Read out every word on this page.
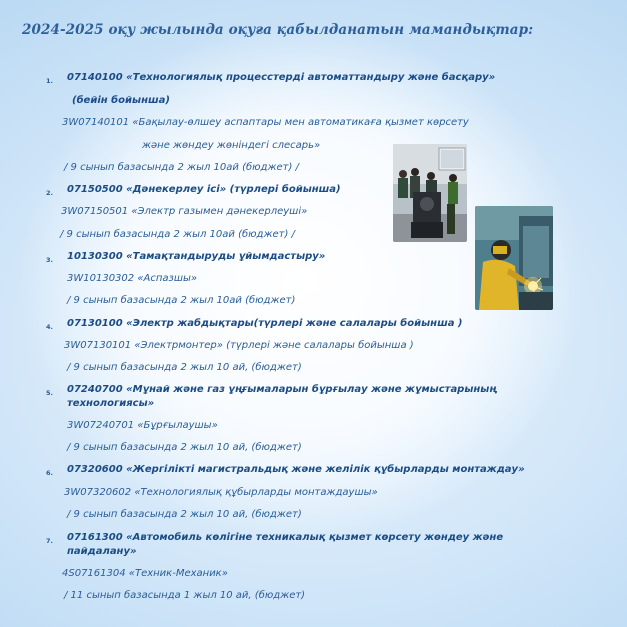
2024-2025 оқу жылында оқуға қабылданатын мамандықтар:
1. 07140100 «Технологиялық процесстерді автоматтандыру және басқару»
(бейін бойынша)
3W07140101 «Бақылау-өлшеу аспаптары мен автоматикаға қызмет көрсету
және жөндеу жөніндегі слесарь»
/ 9 сынып базасында 2 жыл 10ай (бюджет) /
2. 07150500 «Дәнекерлеу ісі» (түрлері бойынша)
3W07150501 «Электр газымен дәнекерлеуші»
/ 9 сынып базасында 2 жыл 10ай (бюджет) /
3. 10130300 «Тамақтандыруды ұйымдастыру»
3W10130302 «Аспазшы»
/ 9 сынып базасында 2 жыл 10ай (бюджет)
4. 07130100 «Электр жабдықтары(түрлері және салалары бойынша )
3W07130101 «Электрмонтер» (түрлері және салалары бойынша )
/ 9 сынып базасында 2 жыл 10 ай, (бюджет)
5. 07240700 «Мұнай және газ ұңғымаларын бұрғылау және жұмыстарының
технологиясы»
3W07240701 «Бұрғылаушы»
/ 9 сынып базасында 2 жыл 10 ай, (бюджет)
6. 07320600 «Жергілікті магистральдық және желілік құбырларды монтаждау»
3W07320602 «Технологиялық құбырларды монтаждаушы»
/ 9 сынып базасында 2 жыл 10 ай, (бюджет)
7. 07161300 «Автомобиль көлігіне техникалық қызмет көрсету жөндеу және
пайдалану»
4S07161304 «Техник-Механик»
/ 11 сынып базасында 1 жыл 10 ай, (бюджет)
